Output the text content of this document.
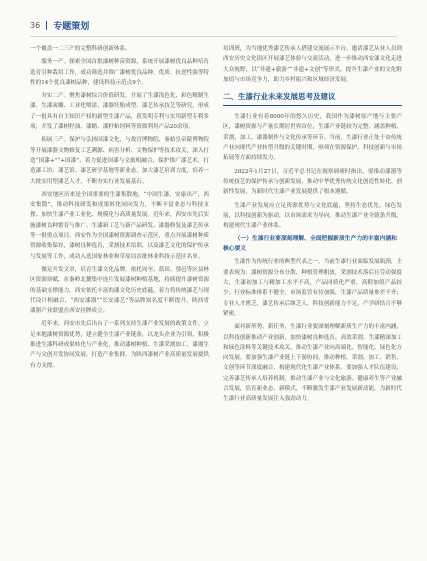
36 专题策划

一个覆盖一二三产的完整科研创新体系。

服务一产。探索全国首批漆树种苗资源，系统开展漆树优良品种培育选育引种栽培工作，成功筛选并推广漆树优良品种，优质、抗逆性强等特性的14个优良漆树品种，建设科技示范点9个。

夯实二产。聚焦漆树综合价值研发，开展了生漆浅色化、彩色精制生漆、生漆炭雕、工业化喷涂、漆器坯胎成型、漆艺传承技艺等研究，形成了一批具有自主知识产权的新型生漆产品，获发明专利与实用新型专利多项，开发了漆树籽油、漆蜡、漆籽粕饲料等资源利用产品20余项。

拓展三产。保护与弘扬国漆文化，与故宫博物院、秦始皇帝陵博物院等开展漆器文物修复工艺溯源、病害分析、文物保护等技术攻关，深入打造“国漆+”“+国漆”，着力促进国漆与文旅相融合，保护推广漆艺术，打造漆工坊、漆艺馆、漆艺研学基地等新业态，加大漆艺培训力度，培养一大批实用型漆艺人才，不断夯实行业发展基石。

西安地区历来是全国重要的生漆集散地，“中国生漆，安康出产，西安集散”，推动科技研发和成果转化同向发力，不断丰富业态与科技支撑，加快生漆产业工业化、规模化与高质量发展。近年来，西安市先后实施漆树良种繁育与推广、生漆新工艺与新产品研发、漆器修复及漆艺传承等一批重点项目。西安作为全国漆树资源调查示范区，重点开展漆树种质资源收集保存，漆树良种选育，采割技术培训，以及漆艺文化的保护传承与发展等工作，成功入选国家林业和草原局首批林业科技示范区名单。

做足开发文章，培育生漆文化品牌。依托周至、蓝田、鄠邑等区县林区资源禀赋，在秦岭北麓集中连片发展漆树种植基地，持续提升漆树资源的基础支撑能力。西安依托丰富的漆文化历史底蕴，着力将传统漆艺与现代设计相融合，“西安漆器”“长安漆艺”等品牌知名度不断提升，陕西省漆器产业联盟在西安挂牌成立。

近年来，西安市先后出台了一系列支持生漆产业发展的政策文件，立足本地漆树资源优势，建立健全生漆产业链条，以龙头企业为引领，积极推进生漆科研成果转化与产业化，推动漆树种植、生漆采割加工、漆器生产与文创开发协同发展，打造产业集群，为陕西漆树产业高质量发展提供有力支撑。

培训班，为当地优秀漆艺传承人搭建交流展示平台，邀请漆艺从业人员到西安历史文化街区开展漆艺体验与交流活动，进一步推动西安漆文化走进大众视野，以“非遗+旅游”“非遗+文创”等形式，提升生漆产业的文化附加值与市场竞争力，助力乡村振兴和区域经济发展。

二、生漆行业未来发展思考及建议

生漆行业有着8000年的悠久历史，我国作为漆树原产地与主要产区，漆树资源与产量长期居世界首位，生漆产业链较为完整，涵盖种植、采割、加工、漆器制作与文化传承等环节。当前，生漆行业正处于由传统产业向现代产业转型升级的关键时期，亟须在资源保护、科技创新与市场拓展等方面持续发力。

2022年1月27日，习近平总书记在视察调研时指出，要推动漆器等传统技艺的保护传承与创新发展，推动中华优秀传统文化创造性转化、创新性发展，为新时代生漆产业发展提供了根本遵循。

生漆产业发展应立足资源优势与文化底蕴，坚持生态优先、绿色发展，以科技创新为驱动，以市场需求为导向，推动生漆产业全链条升级，构建现代生漆产业体系。

（一）生漆行业要深刻理解、全面把握新质生产力的丰富内涵和核心要义

生漆作为传统行业的典型代表之一，当前生漆行业面临发展瓶颈，主要表现为：漆树资源分布分散、种植管理粗放，采割技术落后且劳动强度大，生漆初加工与精加工水平不高，产品同质化严重，高附加值产品较少；行业标准体系不健全，市场监管有待加强，生漆产品质量参差不齐；专业人才匮乏，漆艺传承后继乏人，科技创新能力不足，产学研结合不够紧密。

面对新形势、新任务，生漆行业要深刻理解新质生产力的丰富内涵，以科技创新推动产业创新，加快漆树良种选育、高效采割、生漆精深加工和绿色涂料等关键技术攻关，推动生漆产业向高端化、智能化、绿色化方向发展。要加强生漆产业链上下游协同，推动种植、采割、加工、销售、文创等环节深度融合，构建现代化生漆产业体系。要加强人才队伍建设，完善漆艺传承人培养机制，推动生漆产业与文化旅游、健康养生等产业融合发展，培育新业态、新模式，不断激发生漆产业发展新动能，为新时代生漆行业高质量发展注入强劲动力。
